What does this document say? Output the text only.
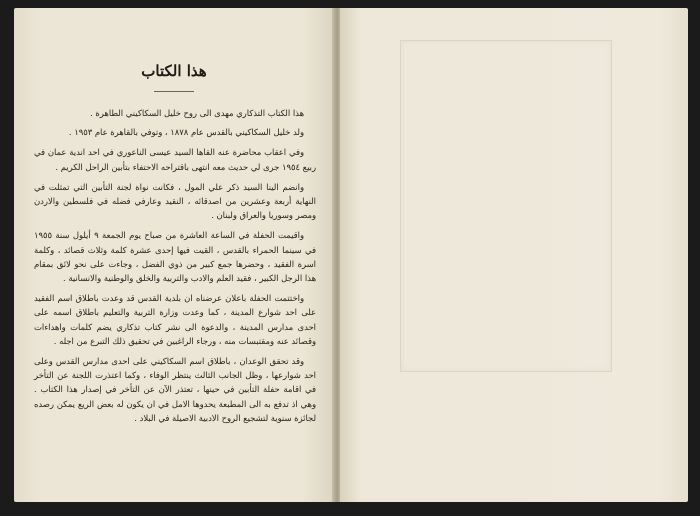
هذا الكتاب

هذا الكتاب التذكاري مهدى الى روح خليل السكاكيني الطاهرة .

ولد خليل السكاكيني بالقدس عام ١٨٧٨ ، وتوفي بالقاهرة عام ١٩٥٣ .

وفي اعقاب محاضرة عنه القاها السيد عيسى الناعوري في احد اندية عمان في ربيع ١٩٥٤ جرى لي حديث معه انتهى باقتراحه الاحتفاء بتأبين الراحل الكريم .

وانضم الينا السيد ذكر علي المول ، فكانت نواة لجنة التأبين التي تمثلت في النهاية أربعة وعشرين من اصدقائه ، النقيد وعارفي فضله في فلسطين والاردن ومصر وسوريا والعراق ولبنان .

واقيمت الحفلة في الساعة العاشرة من صباح يوم الجمعة ٩ أيلول سنة ١٩٥٥ في سينما الحمراء بالقدس ، القيت فيها إحدى عشرة كلمة وثلاث قصائد ، وكلمة اسرة الفقيد ، وحضرها جمع كبير من ذوي الفضل ، وجاءت على نحو لائق بمقام هذا الرجل الكبير ، فقيد العلم والادب والتربية والخلق والوطنية والانسانية .

واختتمت الحفلة باعلان عرضناه ان بلدية القدس قد وعدت باطلاق اسم الفقيد على احد شوارع المدينة ، كما وعدت وزارة التربية والتعليم باطلاق اسمه على احدى مدارس المدينة ، والدعوة الى نشر كتاب تذكاري يضم كلمات واهداءات وقصائد عنه ومقتبسات منه ، ورجاء الراغبين في تحقيق ذلك التبرع من اجله .

وقد تحقق الوعدان ، باطلاق اسم السكاكيني على احدى مدارس القدس وعلى احد شوارعها ، وظل الجانب الثالث ينتظر الوفاء ، وكما اعتذرت اللجنة عن التأخر في اقامة حفلة التأبين في حينها ، تعتذر الآن عن التأخر في إصدار هذا الكتاب . وهي اذ تدفع به الى المطبعة يحدوها الامل في ان يكون له بعض الريع يمكن رصده لجائزة سنوية لتشجيع الروح الادبية الاصيلة في البلاد .
